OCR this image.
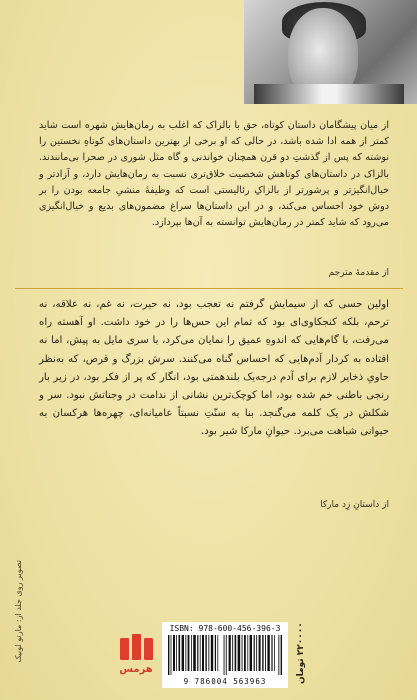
از میان پیشگامان داستان کوتاه، حق با بالزاک که اغلب به رمان‌هایش شهره است شاید کمتر از همه ادا شده باشد، در حالی که او برخی از بهترین داستان‌های کوتاهِ نخستین را نوشته که پس از گذشتِ دو قرن همچنان خواندنی و گاه مثل شوری در صحرا بی‌مانندند. بالزاک در داستان‌های کوتاهش شخصیت خلاق‌تری نسبت به رمان‌هایش دارد، و آزادتر و خیال‌انگیزتر و پرشورتر از بالزاکِ رئالیستی است که وظیفهٔ منشیِ جامعه بودن را بر دوش خود احساس می‌کند، و در این داستان‌ها سراغ مضمون‌های بدیع و خیال‌انگیزی می‌رود که شاید کمتر در رمان‌هایش توانسته به آن‌ها بپردازد.

از مقدمهٔ مترجم

اولین حسی که از سیمایش گرفتم نه تعجب بود، نه حیرت، نه غم، نه علاقه، نه ترحم، بلکه کنجکاوی‌ای بود که تمام این حس‌ها را در خود داشت. او آهسته راه می‌رفت، با گام‌هایی که اندوهِ عمیق را نمایان می‌کرد، با سری مایل به پیش، اما نه افتاده به کردار آدم‌هایی که احساس گناه می‌کنند. سرش بزرگ و قرص، که به‌نظر حاویِ ذخایر لازم برای آدم درجه‌یک بلندهمتی بود، انگار که پر از فکر بود، در زیر بار رنجی باطنی خم شده بود، اما کوچک‌ترین نشانی از ندامت در وجناتش نبود. سر و شکلش در یک کلمه می‌گنجد. بنا به سنّتِ نسبتاً عامیانه‌ای، چهره‌ها هرکسان به حیوانی شباهت می‌برد. حیوانِ مارکا شیر بود.

از داستانِ زِد مارکا

تصویر روی جلد از: مارتو لوبیک
هرمس
ISBN: 978-600-456-396-3
9 786004 563963	۲۲۰۰۰۰ تومان
